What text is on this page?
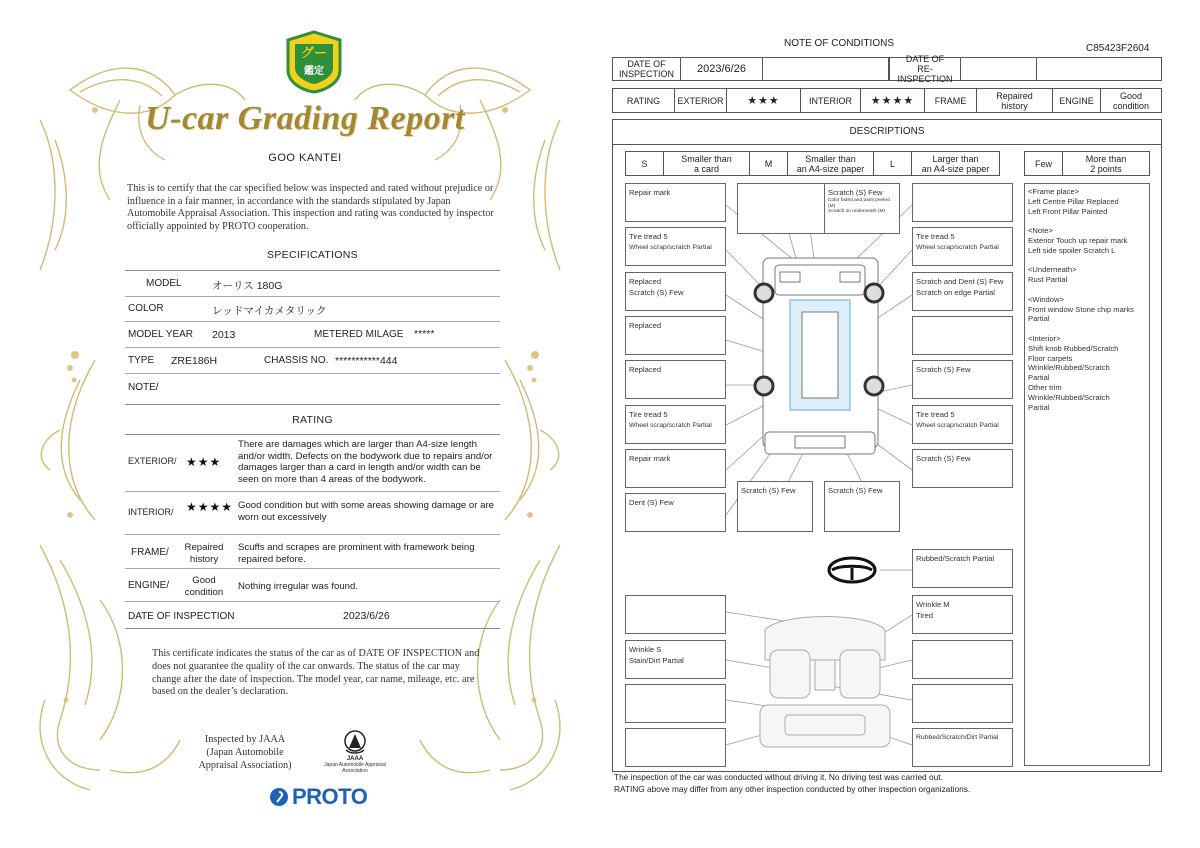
グー
鑑定
U-car Grading Report
GOO KANTEI
This is to certify that the car specified below was inspected and rated without prejudice or influence in a fair manner, in accordance with the standards stipulated by Japan Automobile Appraisal Association. This inspection and rating was conducted by inspector officially appointed by PROTO cooperation.
SPECIFICATIONS
MODEL	オーリス 180G
COLOR	レッドマイカメタリック
MODEL YEAR 2013	METERED MILAGE *****
TYPE ZRE186H	CHASSIS NO. ***********444
NOTE/
RATING
EXTERIOR/ ★★★
There are damages which are larger than A4-size length and/or width. Defects on the bodywork due to repairs and/or damages larger than a card in length and/or width can be seen on more than 4 areas of the bodywork.
INTERIOR/ ★★★★ Good condition but with some areas showing damage or are worn out excessively
FRAME/	Repaired
history
Scuffs and scrapes are prominent with framework being repaired before.
ENGINE/	Good
condition
Nothing irregular was found.
DATE OF INSPECTION	2023/6/26
This certificate indicates the status of the car as of DATE OF INSPECTION and does not guarantee the quality of the car onwards. The status of the car may change after the date of inspection. The model year, car name, mileage, etc. are based on the dealer’s declaration.
Inspected by JAAA
(Japan Automobile
Appraisal Association)
JAAA
Japan Automobile Appraisal Association
PROTO
NOTE OF CONDITIONS	C85423F2604
DATE OF
INSPECTION	2023/6/26
DATE OF
RE-INSPECTION
RATING	EXTERIOR	★★★	INTERIOR	★★★★	FRAME	Repaired
history	ENGINE	Good
condition
DESCRIPTIONS
S	Smaller than
a card	M	Smaller than
an A4-size paper	L	Larger than
an A4-size paper	Few	More than
2 points
Repair mark
Tire tread 5
Wheel scrap/scratch Partial
Replaced
Scratch (S) Few
Replaced
Replaced
Tire tread 5
Wheel scrap/scratch Partial
Repair mark
Dent (S) Few
Scratch (S) Few
Color faded and paint peeled (M)
Scratch on underneath (M)
Tire tread 5
Wheel scrap/scratch Partial
Scratch and Dent (S) Few
Scratch on edge Partial
Scratch (S) Few
Tire tread 5
Wheel scrap/scratch Partial
Scratch (S) Few
Scratch (S) Few	Scratch (S) Few
Rubbed/Scratch Partial
Wrinkle S
Stain/Dirt Partial
Wrinkle M
Tired
Rubbed/Scratch/Dirt Partial
<Frame place>
Left Centre Pillar Replaced
Left Front Pillar Painted
<Note>
Exterior Touch up repair mark
Left side spoiler Scratch L
<Underneath>
Rust Partial
<Window>
Front window Stone chip marks
Partial
<Interior>
Shift knob Rubbed/Scratch
Floor carpets
Wrinkle/Rubbed/Scratch
Partial
Other trim
Wrinkle/Rubbed/Scratch
Partial
The inspection of the car was conducted without driving it. No driving test was carried out.
RATING above may differ from any other inspection conducted by other inspection organizations.
